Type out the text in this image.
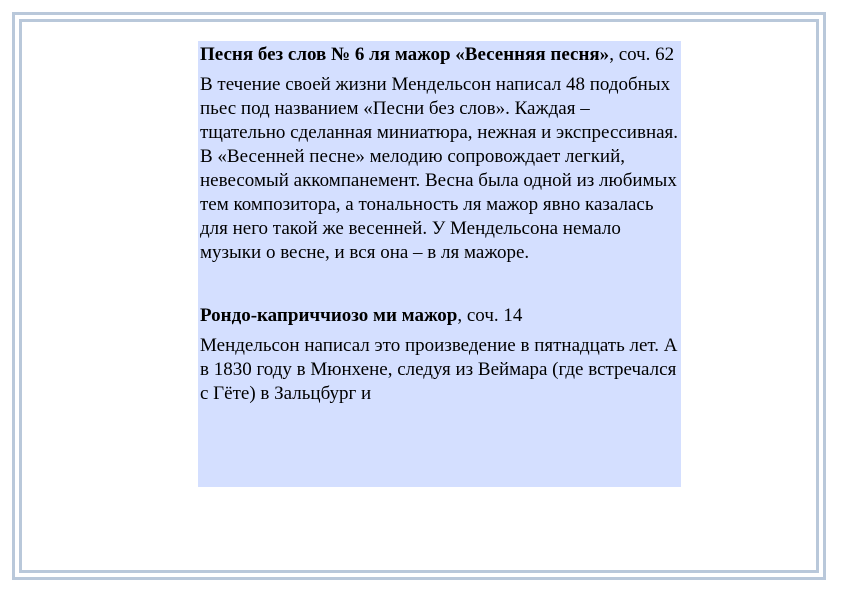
Песня без слов № 6 ля мажор «Весенняя песня», соч. 62

В течение своей жизни Мендельсон написал 48 подобных пьес под названием «Песни без слов». Каждая – тщательно сделанная миниатюра, нежная и экспрессивная. В «Весенней песне» мелодию сопровождает легкий, невесомый аккомпанемент. Весна была одной из любимых тем композитора, а тональность ля мажор явно казалась для него такой же весенней. У Мендельсона немало музыки о весне, и вся она – в ля мажоре.

Рондо-каприччиозо ми мажор, соч. 14

Мендельсон написал это произведение в пятнадцать лет. А в 1830 году в Мюнхене, следуя из Веймара (где встречался с Гёте) в Зальцбург и
